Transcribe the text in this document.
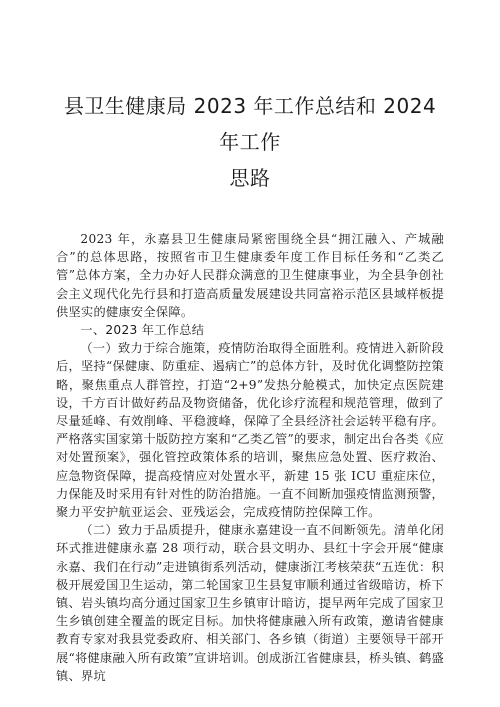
县卫生健康局 2023 年工作总结和 2024 年工作
思路

2023 年，永嘉县卫生健康局紧密围绕全县“拥江融入、产城融合”的总体思路，按照省市卫生健康委年度工作目标任务和“乙类乙管”总体方案，全力办好人民群众满意的卫生健康事业，为全县争创社会主义现代化先行县和打造高质量发展建设共同富裕示范区县域样板提供坚实的健康安全保障。

一、2023 年工作总结

（一）致力于综合施策，疫情防治取得全面胜利。疫情进入新阶段后，坚持“保健康、防重症、遏病亡”的总体方针，及时优化调整防控策略，聚焦重点人群管控，打造“2+9”发热分舱模式，加快定点医院建设，千方百计做好药品及物资储备，优化诊疗流程和规范管理，做到了尽量延峰、有效削峰、平稳渡峰，保障了全县经济社会运转平稳有序。严格落实国家第十版防控方案和“乙类乙管”的要求，制定出台各类《应对处置预案》，强化管控政策体系的培训，聚焦应急处置、医疗救治、应急物资保障，提高疫情应对处置水平，新建 15 张 ICU 重症床位，力保能及时采用有针对性的防治措施。一直不间断加强疫情监测预警，聚力平安护航亚运会、亚残运会，完成疫情防控保障工作。

（二）致力于品质提升，健康永嘉建设一直不间断领先。清单化闭环式推进健康永嘉 28 项行动，联合县文明办、县红十字会开展“健康永嘉、我们在行动”走进镇街系列活动，健康浙江考核荣获“五连优：积极开展爱国卫生运动，第二轮国家卫生县复审顺利通过省级暗访，桥下镇、岩头镇均高分通过国家卫生乡镇审计暗访，提早两年完成了国家卫生乡镇创建全覆盖的既定目标。加快将健康融入所有政策，邀请省健康教育专家对我县党委政府、相关部门、各乡镇（街道）主要领导干部开展“将健康融入所有政策”宣讲培训。创成浙江省健康县，桥头镇、鹤盛镇、界坑
